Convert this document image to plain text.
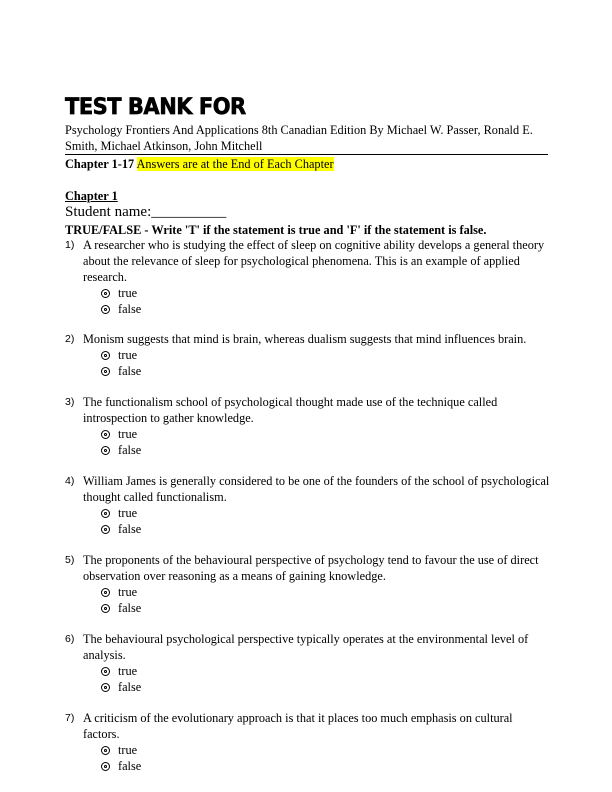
TEST BANK FOR
Psychology Frontiers And Applications 8th Canadian Edition By Michael W. Passer, Ronald E. Smith, Michael Atkinson, John Mitchell
Chapter 1-17 Answers are at the End of Each Chapter
Chapter 1
Student name:__________
TRUE/FALSE - Write 'T' if the statement is true and 'F' if the statement is false.
1) A researcher who is studying the effect of sleep on cognitive ability develops a general theory about the relevance of sleep for psychological phenomena. This is an example of applied research.
true
false
2) Monism suggests that mind is brain, whereas dualism suggests that mind influences brain.
true
false
3) The functionalism school of psychological thought made use of the technique called introspection to gather knowledge.
true
false
4) William James is generally considered to be one of the founders of the school of psychological thought called functionalism.
true
false
5) The proponents of the behavioural perspective of psychology tend to favour the use of direct observation over reasoning as a means of gaining knowledge.
true
false
6) The behavioural psychological perspective typically operates at the environmental level of analysis.
true
false
7) A criticism of the evolutionary approach is that it places too much emphasis on cultural factors.
true
false
